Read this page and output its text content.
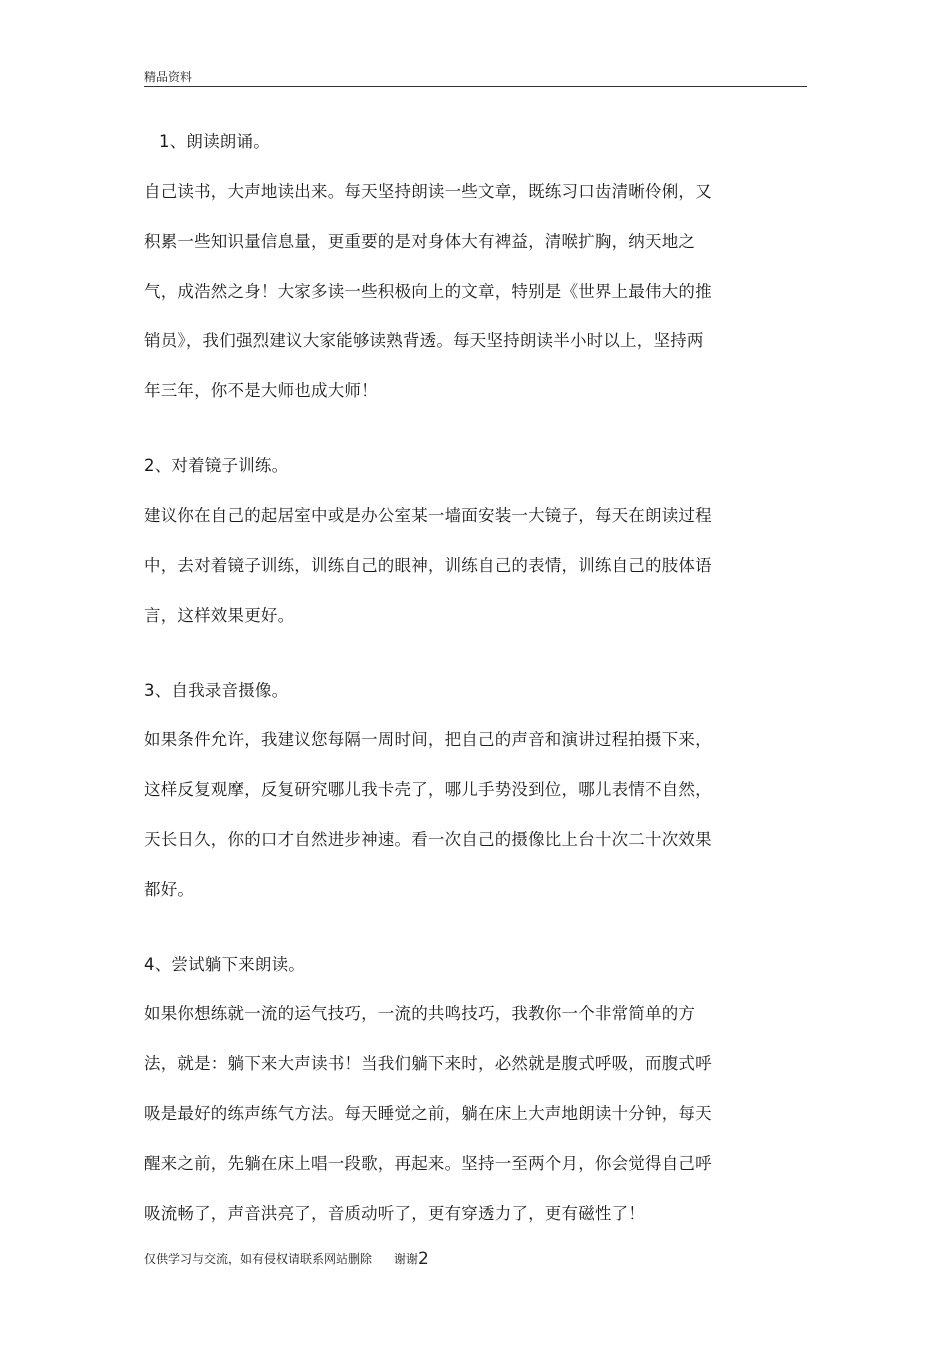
精品资料
1、朗读朗诵。
自己读书，大声地读出来。每天坚持朗读一些文章，既练习口齿清晰伶俐，又
积累一些知识量信息量，更重要的是对身体大有裨益，清喉扩胸，纳天地之
气，成浩然之身！大家多读一些积极向上的文章，特别是《世界上最伟大的推
销员》，我们强烈建议大家能够读熟背透。每天坚持朗读半小时以上，坚持两
年三年，你不是大师也成大师！
2、对着镜子训练。
建议你在自己的起居室中或是办公室某一墙面安装一大镜子，每天在朗读过程
中，去对着镜子训练，训练自己的眼神，训练自己的表情，训练自己的肢体语
言，这样效果更好。
3、自我录音摄像。
如果条件允许，我建议您每隔一周时间，把自己的声音和演讲过程拍摄下来，
这样反复观摩，反复研究哪儿我卡壳了，哪儿手势没到位，哪儿表情不自然，
天长日久，你的口才自然进步神速。看一次自己的摄像比上台十次二十次效果
都好。
4、尝试躺下来朗读。
如果你想练就一流的运气技巧，一流的共鸣技巧，我教你一个非常简单的方
法，就是：躺下来大声读书！当我们躺下来时，必然就是腹式呼吸，而腹式呼
吸是最好的练声练气方法。每天睡觉之前，躺在床上大声地朗读十分钟，每天
醒来之前，先躺在床上唱一段歌，再起来。坚持一至两个月，你会觉得自己呼
吸流畅了，声音洪亮了，音质动听了，更有穿透力了，更有磁性了！
仅供学习与交流，如有侵权请联系网站删除 谢谢2
